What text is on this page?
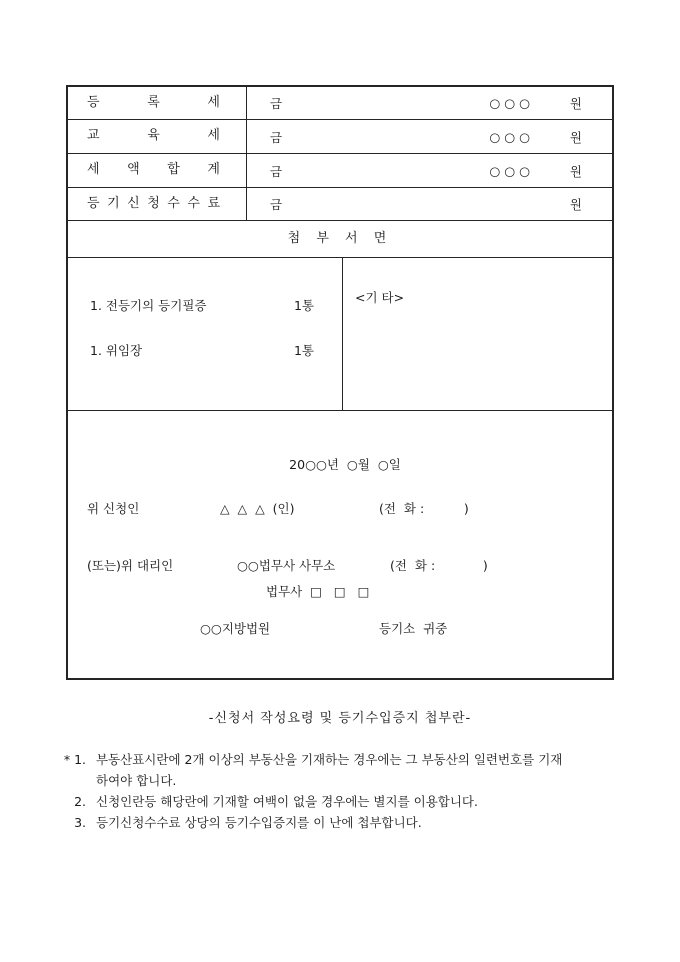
등 록 세	금	○ ○ ○	원
교 육 세	금	○ ○ ○	원
세 액 합 계	금	○ ○ ○	원
등 기 신 청 수 수 료	금	원
첨 부 서 면
1. 전등기의 등기필증	1통
1. 위임장	1통
<기 타>
20○○년  ○월  ○일
위 신청인	△  △  △  (인)	(전  화 :          )
(또는)위 대리인	○○법무사 사무소	(전  화 :            )
법무사  □   □   □
○○지방법원	등기소  귀중
-신청서 작성요령 및 등기수입증지 첩부란-
* 1. 부동산표시란에 2개 이상의 부동산을 기재하는 경우에는 그 부동산의 일련번호를 기재
하여야 합니다.
2. 신청인란등 해당란에 기재할 여백이 없을 경우에는 별지를 이용합니다.
3. 등기신청수수료 상당의 등기수입증지를 이 난에 첩부합니다.
